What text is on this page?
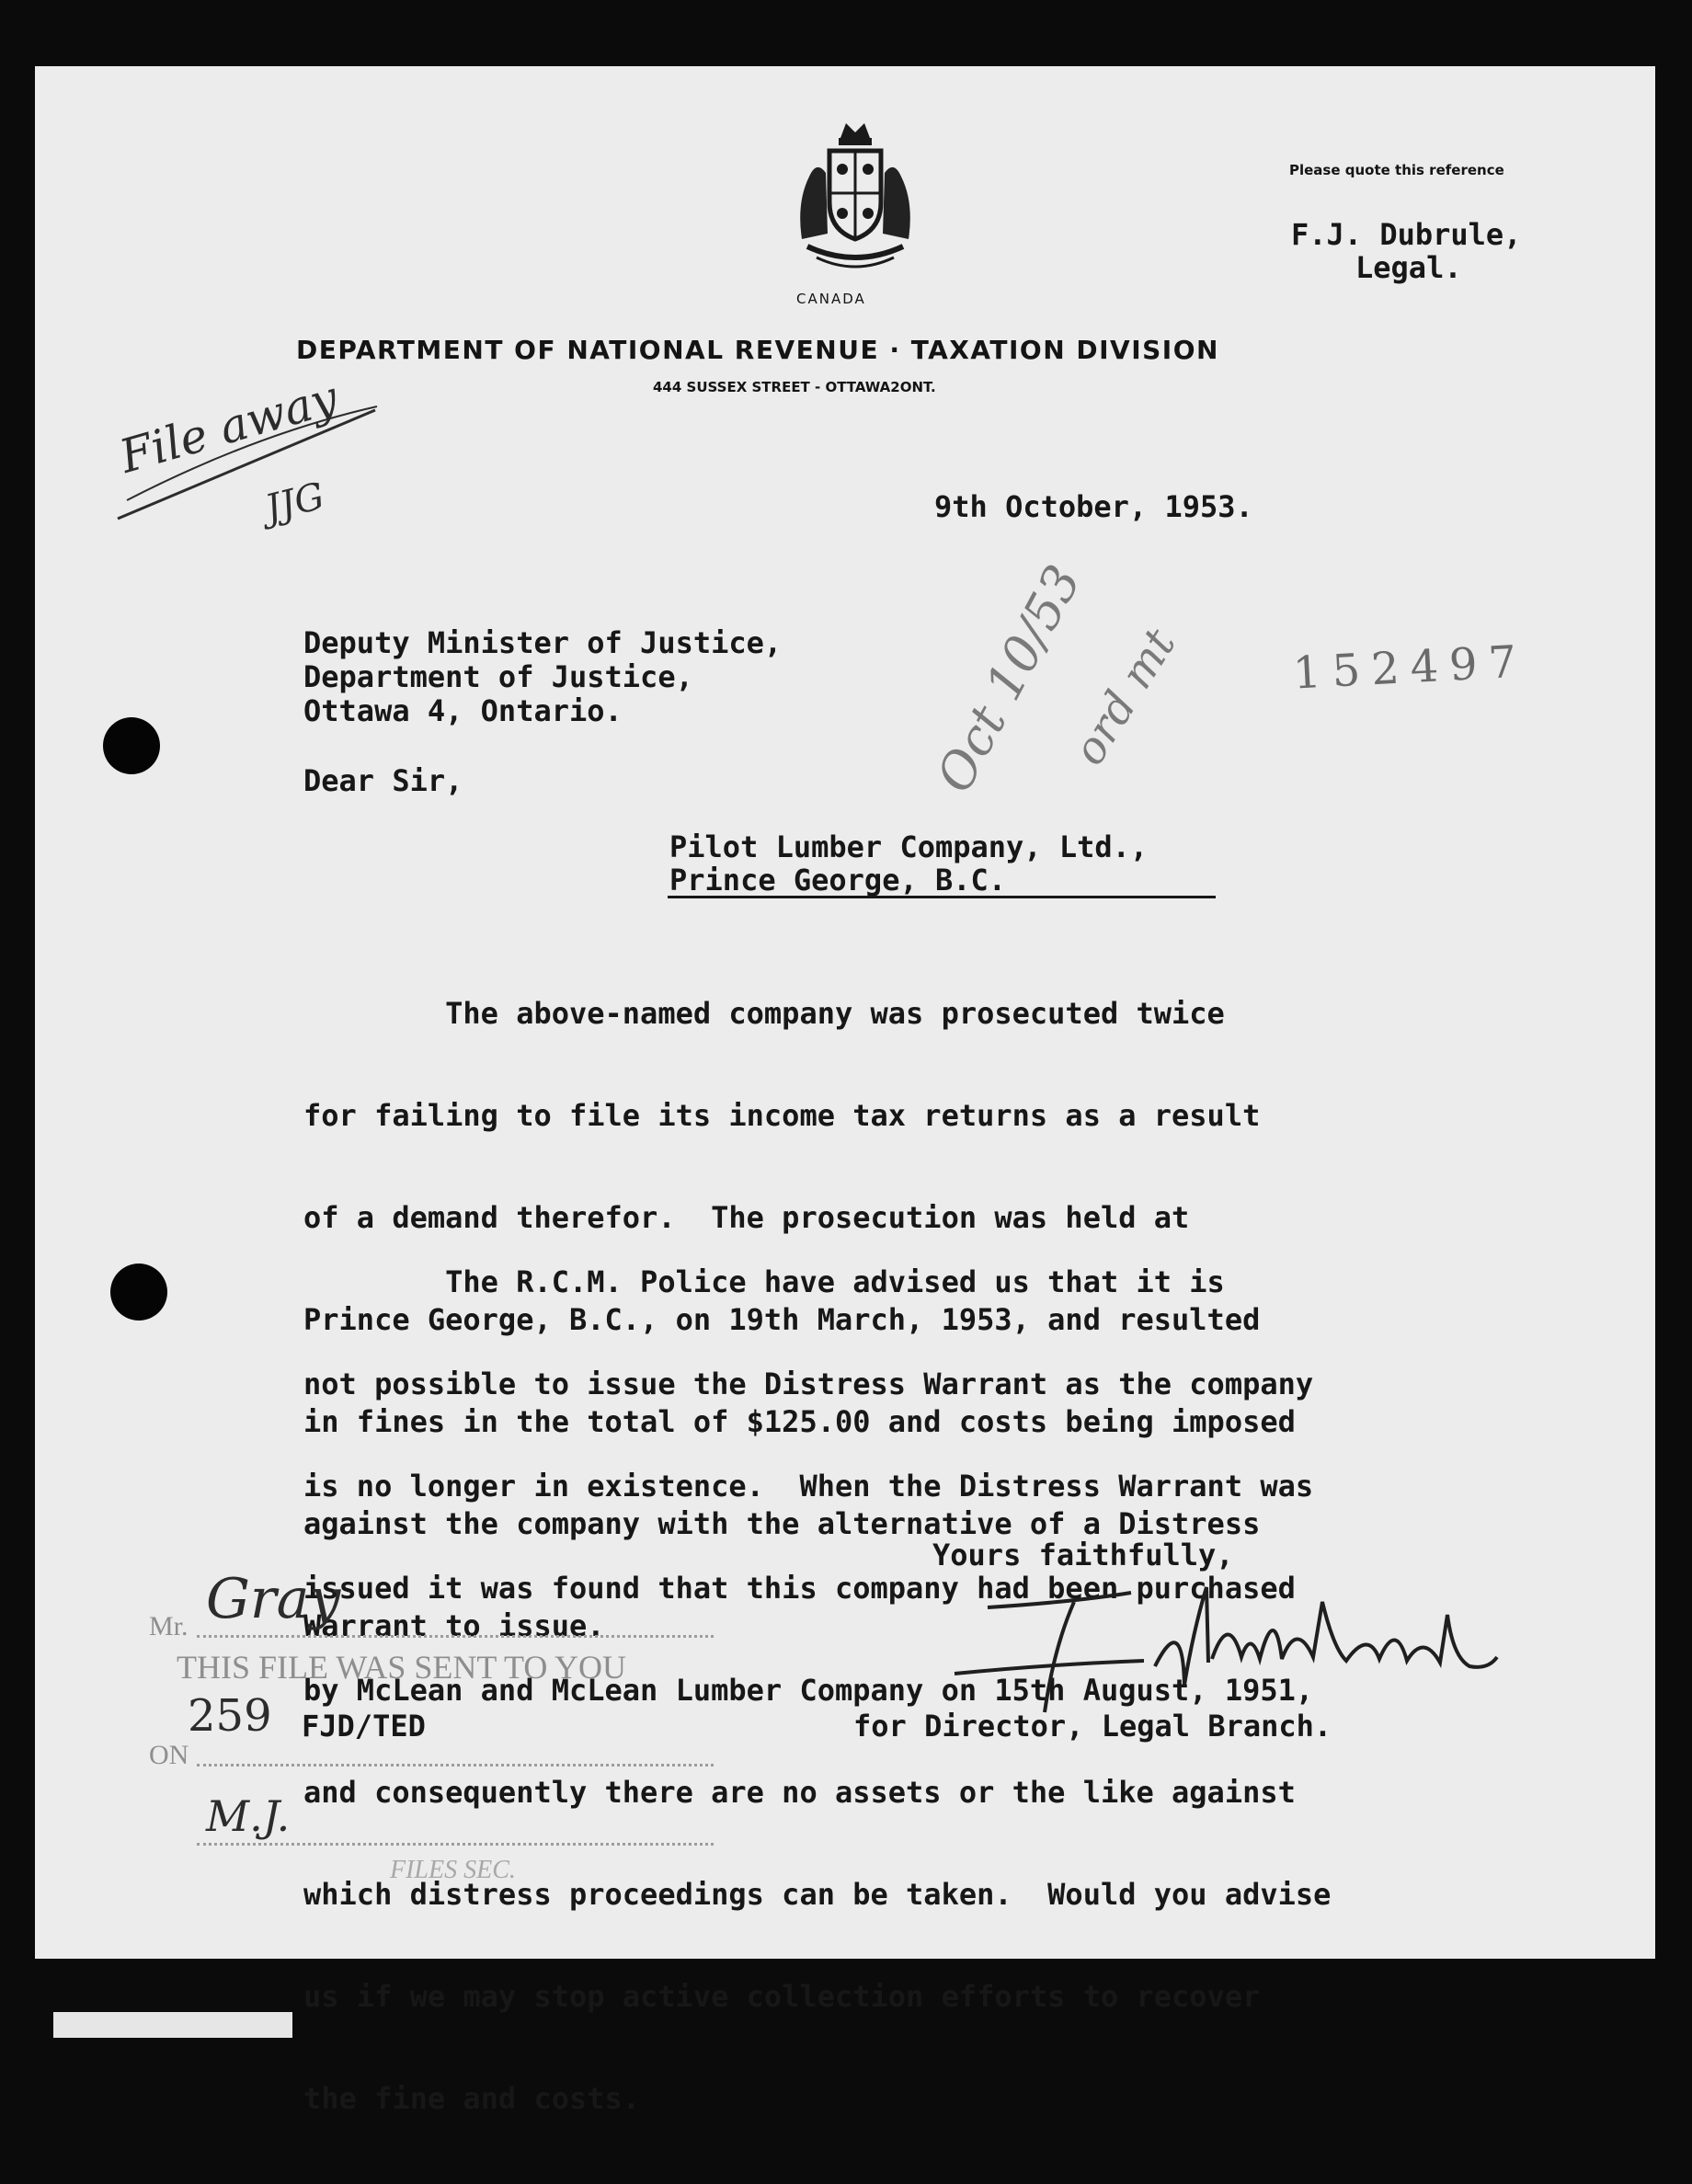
CANADA
Please quote this reference
F.J. Dubrule,
Legal.
DEPARTMENT OF NATIONAL REVENUE · TAXATION DIVISION
444 SUSSEX STREET - OTTAWA2ONT.
File away
JJG	9th October, 1953.
Oct 10/53
ord mt 152497
Deputy Minister of Justice,
Department of Justice,
Ottawa 4, Ontario.
Dear Sir,
Pilot Lumber Company, Ltd.,
Prince George, B.C.

The above-named company was prosecuted twice

for failing to file its income tax returns as a result

of a demand therefor.  The prosecution was held at

Prince George, B.C., on 19th March, 1953, and resulted

in fines in the total of $125.00 and costs being imposed

against the company with the alternative of a Distress

Warrant to issue.

The R.C.M. Police have advised us that it is

not possible to issue the Distress Warrant as the company

is no longer in existence.  When the Distress Warrant was

issued it was found that this company had been purchased

by McLean and McLean Lumber Company on 15th August, 1951,

and consequently there are no assets or the like against

which distress proceedings can be taken.  Would you advise

us if we may stop active collection efforts to recover

the fine and costs.

Yours faithfully,
for Director, Legal Branch.
Mr. Gray
THIS FILE WAS SENT TO YOU
259 FJD/TED
ON
M.J.
FILES SEC.
